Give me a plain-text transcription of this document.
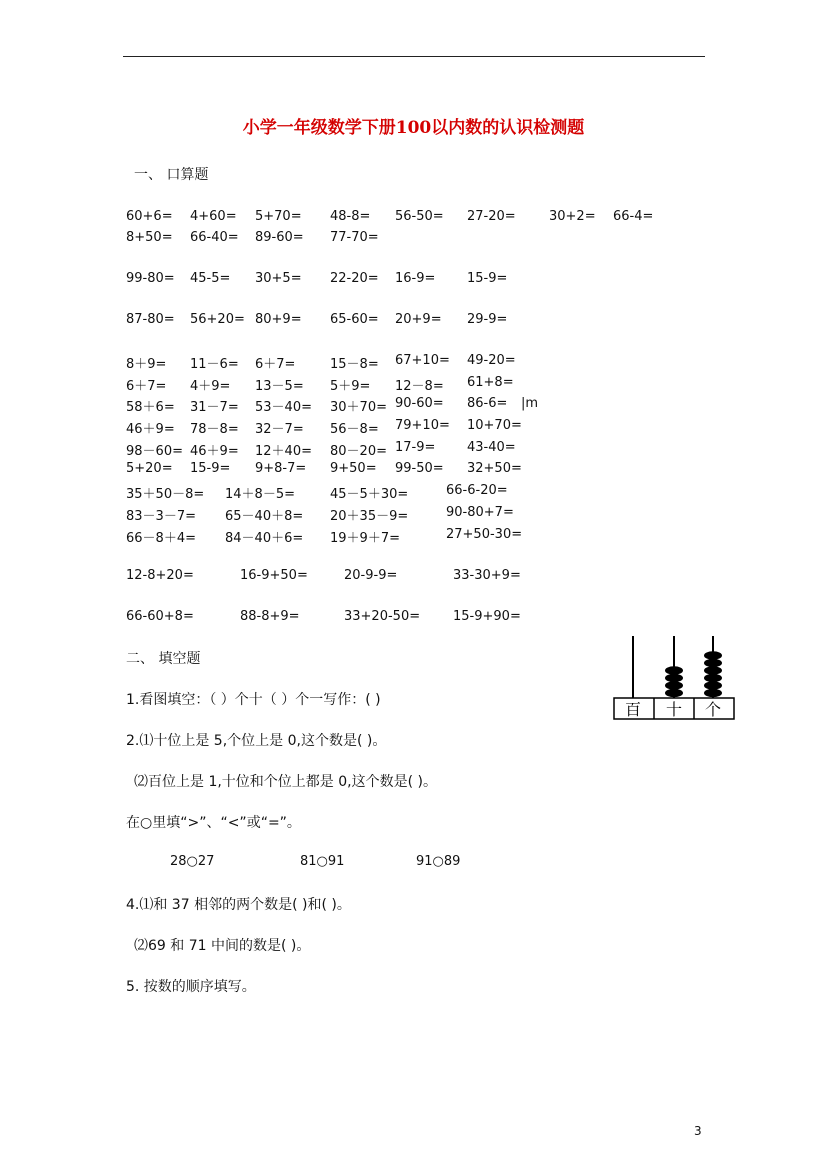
小学一年级数学下册100以内数的认识检测题
一、 口算题
60+6= 4+60= 5+70= 48-8= 56-50= 27-20=	30+2= 66-4=
8+50= 66-40= 89-60= 77-70=
99-80= 45-5= 30+5= 22-20= 16-9= 15-9=
87-80= 56+20= 80+9= 65-60= 20+9= 29-9=
8＋9= 11－6= 6＋7=	15－8= 67+10= 49-20=
6＋7= 4＋9= 13－5= 5＋9= 12－8= 61+8=
58＋6= 31－7= 53－40= 30＋70= 90-60= 86-6= |m
46＋9= 78－8= 32－7= 56－8= 79+10= 10+70=
98－60= 46＋9= 12＋40= 80－20= 17-9= 43-40=
5+20= 15-9= 9+8-7= 9+50= 99-50= 32+50=
35＋50－8= 14＋8－5=	45－5＋30=	66-6-20=
83－3－7= 65－40＋8= 20＋35－9=	90-80+7=
66－8＋4= 84－40＋6= 19＋9＋7=	27+50-30=
12-8+20=	16-9+50=	20-9-9=	33-30+9=
66-60+8=	88-8+9=	33+20-50=	15-9+90=
二、 填空题
1.看图填空：（ ）个十（ ）个一写作：( )
2.⑴十位上是 5,个位上是 0,这个数是( )。
⑵百位上是 1,十位和个位上都是 0,这个数是( )。
在○里填“>”、“<”或“=”。
28○27	81○91	91○89
4.⑴和 37 相邻的两个数是( )和( )。
⑵69 和 71 中间的数是( )。
5. 按数的顺序填写。
百 十 个
3
